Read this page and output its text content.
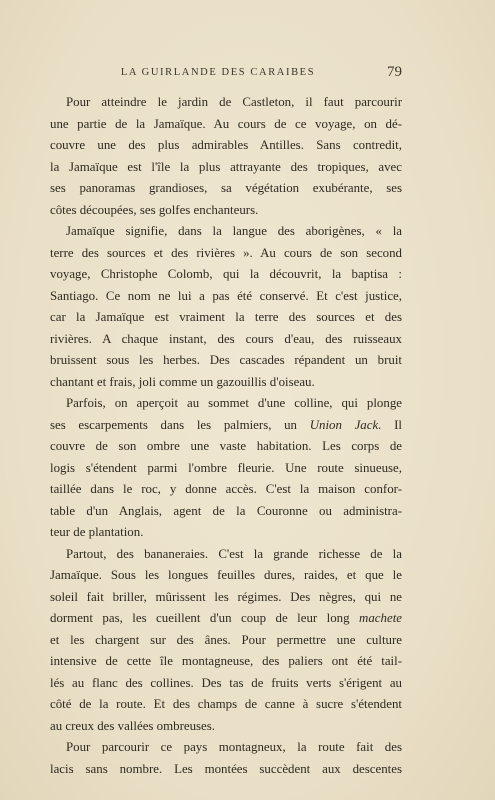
LA GUIRLANDE DES CARAIBES	79

Pour atteindre le jardin de Castleton, il faut parcourir
une partie de la Jamaïque. Au cours de ce voyage, on dé-
couvre une des plus admirables Antilles. Sans contredit,
la Jamaïque est l'île la plus attrayante des tropiques, avec
ses panoramas grandioses, sa végétation exubérante, ses
côtes découpées, ses golfes enchanteurs.

Jamaïque signifie, dans la langue des aborigènes, « la
terre des sources et des rivières ». Au cours de son second
voyage, Christophe Colomb, qui la découvrit, la baptisa :
Santiago. Ce nom ne lui a pas été conservé. Et c'est justice,
car la Jamaïque est vraiment la terre des sources et des
rivières. A chaque instant, des cours d'eau, des ruisseaux
bruissent sous les herbes. Des cascades répandent un bruit
chantant et frais, joli comme un gazouillis d'oiseau.

Parfois, on aperçoit au sommet d'une colline, qui plonge
ses escarpements dans les palmiers, un Union Jack. Il
couvre de son ombre une vaste habitation. Les corps de
logis s'étendent parmi l'ombre fleurie. Une route sinueuse,
taillée dans le roc, y donne accès. C'est la maison confor-
table d'un Anglais, agent de la Couronne ou administra-
teur de plantation.

Partout, des bananeraies. C'est la grande richesse de la
Jamaïque. Sous les longues feuilles dures, raides, et que le
soleil fait briller, mûrissent les régimes. Des nègres, qui ne
dorment pas, les cueillent d'un coup de leur long machete
et les chargent sur des ânes. Pour permettre une culture
intensive de cette île montagneuse, des paliers ont été tail-
lés au flanc des collines. Des tas de fruits verts s'érigent au
côté de la route. Et des champs de canne à sucre s'étendent
au creux des vallées ombreuses.

Pour parcourir ce pays montagneux, la route fait des
lacis sans nombre. Les montées succèdent aux descentes
